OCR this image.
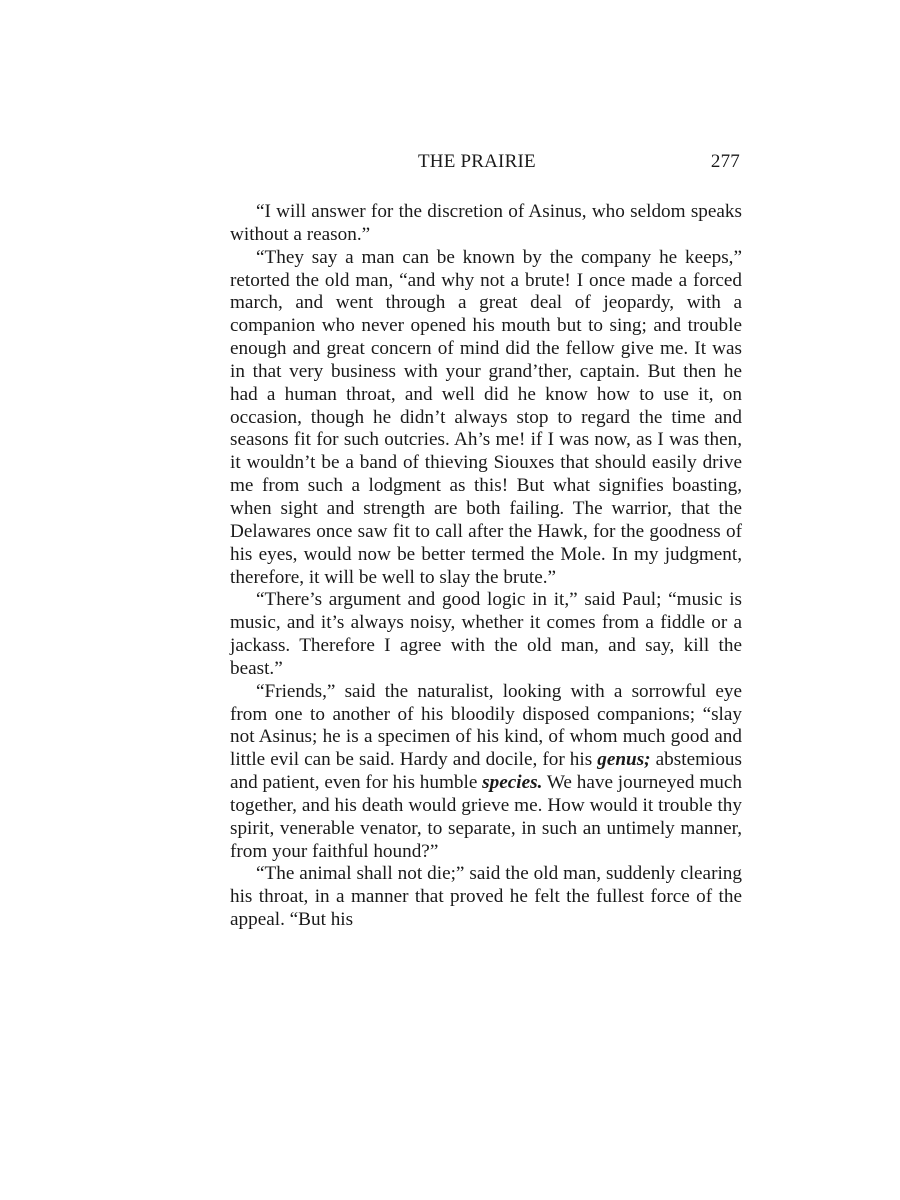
THE PRAIRIE	277

“I will answer for the discretion of Asinus, who seldom speaks without a reason.”

“They say a man can be known by the company he keeps,” retorted the old man, “and why not a brute! I once made a forced march, and went through a great deal of jeopardy, with a companion who never opened his mouth but to sing; and trouble enough and great concern of mind did the fellow give me. It was in that very business with your grand’ther, captain. But then he had a human throat, and well did he know how to use it, on occasion, though he didn’t always stop to regard the time and seasons fit for such outcries. Ah’s me! if I was now, as I was then, it wouldn’t be a band of thieving Siouxes that should easily drive me from such a lodgment as this! But what signifies boasting, when sight and strength are both failing. The warrior, that the Delawares once saw fit to call after the Hawk, for the goodness of his eyes, would now be better termed the Mole. In my judgment, therefore, it will be well to slay the brute.”

“There’s argument and good logic in it,” said Paul; “music is music, and it’s always noisy, whether it comes from a fiddle or a jackass. Therefore I agree with the old man, and say, kill the beast.”

“Friends,” said the naturalist, looking with a sorrowful eye from one to another of his bloodily disposed companions; “slay not Asinus; he is a specimen of his kind, of whom much good and little evil can be said. Hardy and docile, for his genus; abstemious and patient, even for his humble species. We have journeyed much together, and his death would grieve me. How would it trouble thy spirit, venerable venator, to separate, in such an untimely manner, from your faithful hound?”

“The animal shall not die;” said the old man, suddenly clearing his throat, in a manner that proved he felt the fullest force of the appeal. “But his
